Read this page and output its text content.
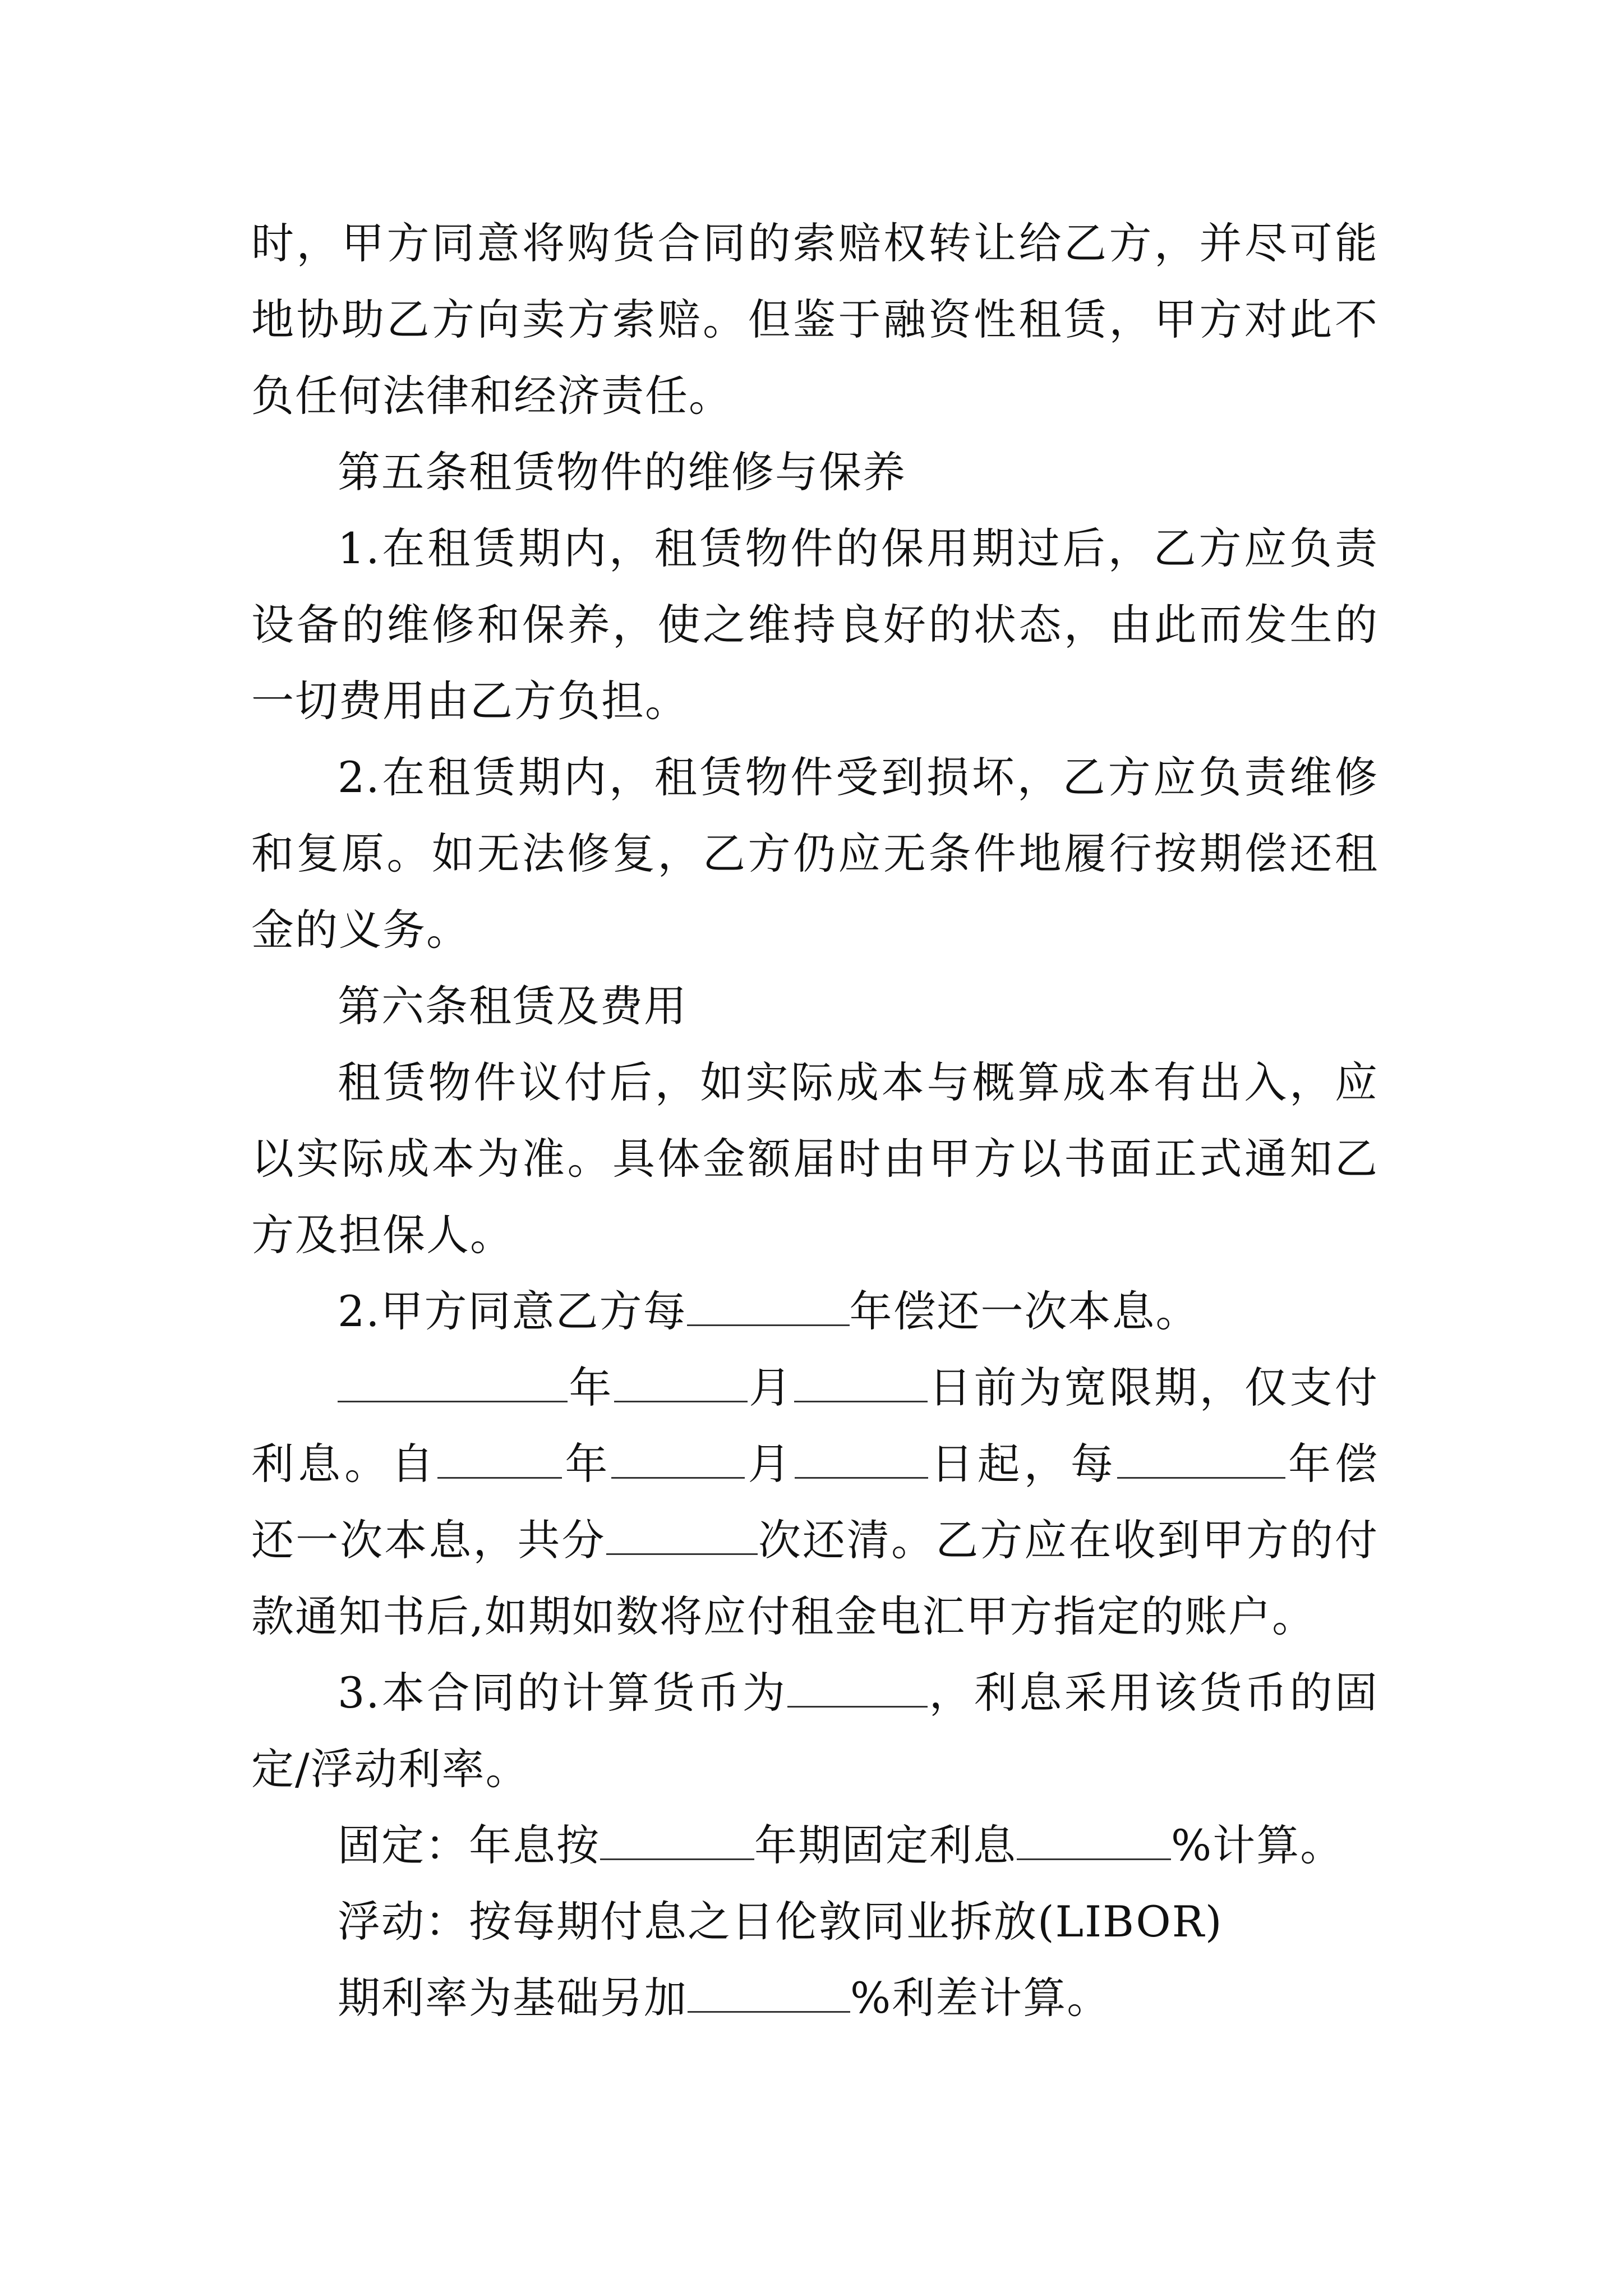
时，甲方同意将购货合同的索赔权转让给乙方，并尽可能地协助乙方向卖方索赔。但鉴于融资性租赁，甲方对此不负任何法律和经济责任。

第五条租赁物件的维修与保养

1.在租赁期内，租赁物件的保用期过后，乙方应负责设备的维修和保养，使之维持良好的状态，由此而发生的一切费用由乙方负担。

2.在租赁期内，租赁物件受到损坏，乙方应负责维修和复原。如无法修复，乙方仍应无条件地履行按期偿还租金的义务。

第六条租赁及费用

租赁物件议付后，如实际成本与概算成本有出入，应以实际成本为准。具体金额届时由甲方以书面正式通知乙方及担保人。

2.甲方同意乙方每	年偿还一次本息。

年	月	日前为宽限期，仅支付利息。自	年	月	日起，每	年偿还一次本息，共分	次还清。乙方应在收到甲方的付款通知书后,如期如数将应付租金电汇甲方指定的账户。

3.本合同的计算货币为	，利息采用该货币的固定/浮动利率。

固定：年息按	年期固定利息	%计算。

浮动：按每期付息之日伦敦同业拆放(LIBOR)

期利率为基础另加	%利差计算。
